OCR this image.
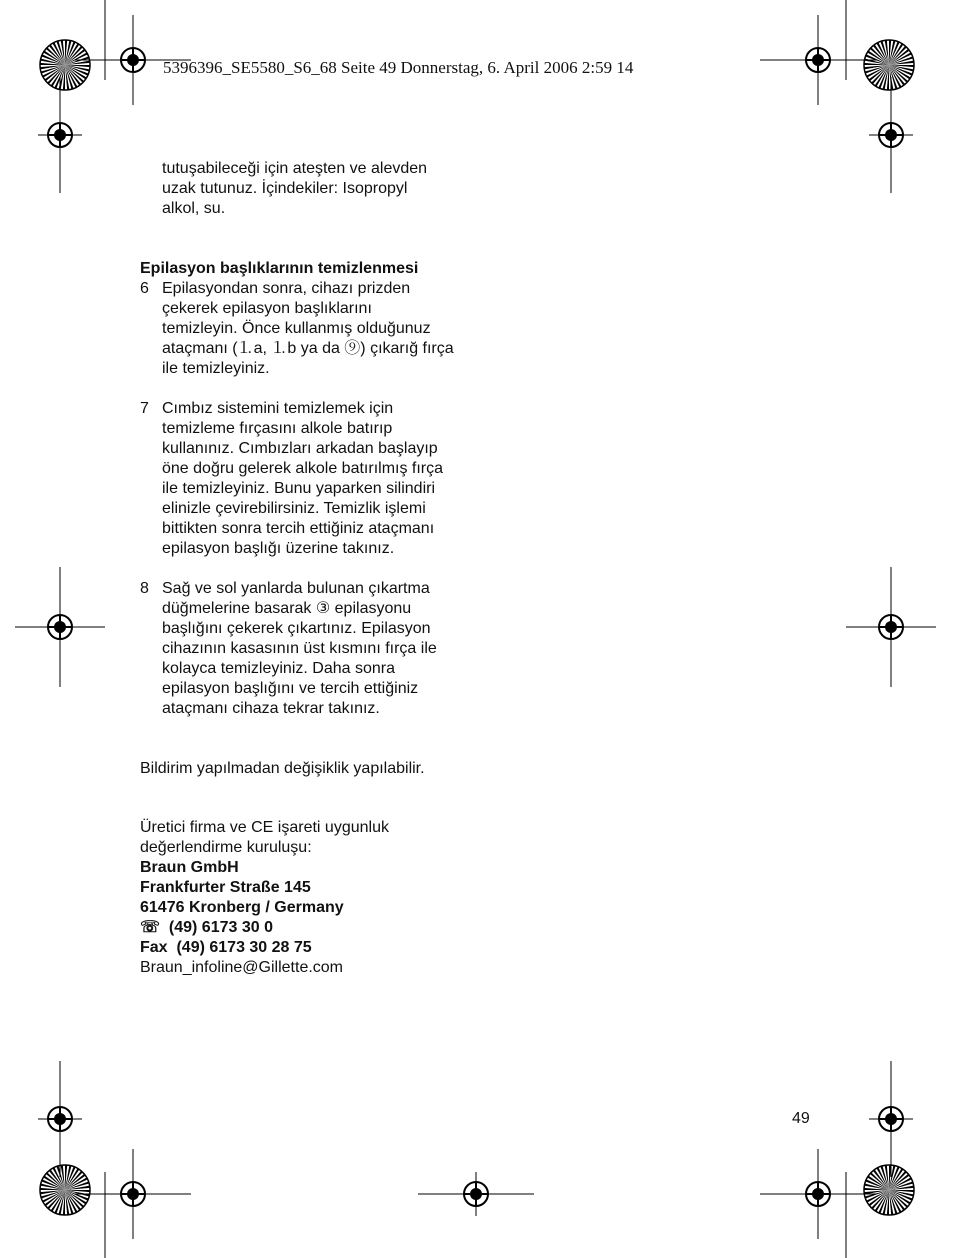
5396396_SE5580_S6_68 Seite 49 Donnerstag, 6. April 2006 2:59 14

tutuşabileceği için ateşten ve alevden

uzak tutunuz. İçindekiler: Isopropyl

alkol, su.

Epilasyon başlıklarının temizlenmesi

6 Epilasyondan sonra, cihazı prizden
çekerek epilasyon başlıklarını
temizleyin. Önce kullanmış olduğunuz
ataçmanı (⒈a, ⒈b ya da ⑨) çıkarığ fırça
ile temizleyiniz.
7 Cımbız sistemini temizlemek için
temizleme fırçasını alkole batırıp
kullanınız. Cımbızları arkadan başlayıp
öne doğru gelerek alkole batırılmış fırça
ile temizleyiniz. Bunu yaparken silindiri
elinizle çevirebilirsiniz. Temizlik işlemi
bittikten sonra tercih ettiğiniz ataçmanı
epilasyon başlığı üzerine takınız.
8 Sağ ve sol yanlarda bulunan çıkartma
düğmelerine basarak ③ epilasyonu
başlığını çekerek çıkartınız. Epilasyon
cihazının kasasının üst kısmını fırça ile
kolayca temizleyiniz. Daha sonra
epilasyon başlığını ve tercih ettiğiniz
ataçmanı cihaza tekrar takınız.
Bildirim yapılmadan değişiklik yapılabilir.
Üretici firma ve CE işareti uygunluk
değerlendirme kuruluşu:
Braun GmbH
Frankfurter Straße 145
61476 Kronberg / Germany
☏ (49) 6173 30 0
Fax (49) 6173 30 28 75
Braun_infoline@Gillette.com
49
